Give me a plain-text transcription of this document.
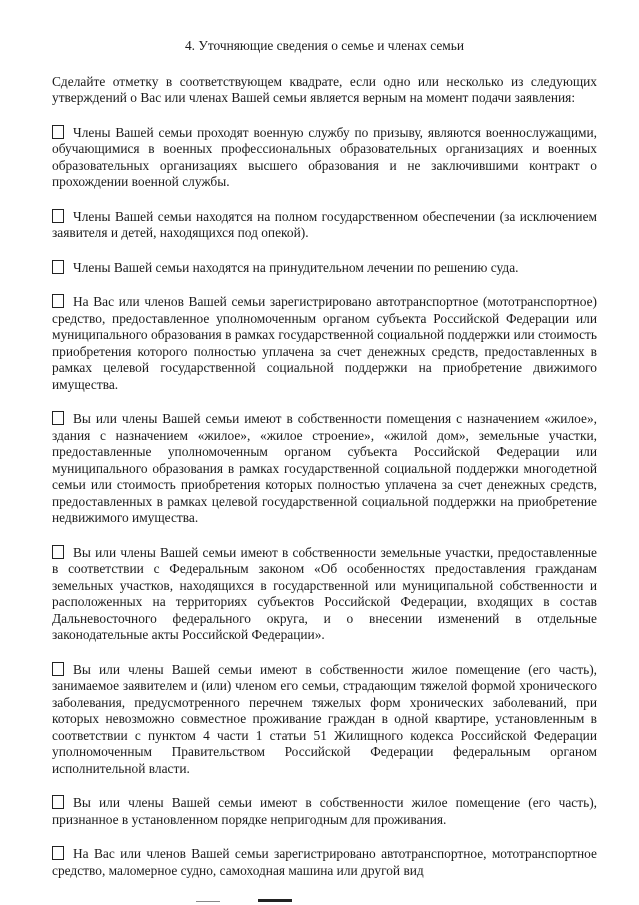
4. Уточняющие сведения о семье и членах семьи

Сделайте отметку в соответствующем квадрате, если одно или несколько из следующих утверждений о Вас или членах Вашей семьи является верным на момент подачи заявления:

Члены Вашей семьи проходят военную службу по призыву, являются военнослужащими, обучающимися в военных профессиональных образовательных организациях и военных образовательных организациях высшего образования и не заключившими контракт о прохождении военной службы.

Члены Вашей семьи находятся на полном государственном обеспечении (за исключением заявителя и детей, находящихся под опекой).

Члены Вашей семьи находятся на принудительном лечении по решению суда.

На Вас или членов Вашей семьи зарегистрировано автотранспортное (мототранспортное) средство, предоставленное уполномоченным органом субъекта Российской Федерации или муниципального образования в рамках государственной социальной поддержки или стоимость приобретения которого полностью уплачена за счет денежных средств, предоставленных в рамках целевой государственной социальной поддержки на приобретение движимого имущества.

Вы или члены Вашей семьи имеют в собственности помещения с назначением «жилое», здания с назначением «жилое», «жилое строение», «жилой дом», земельные участки, предоставленные уполномоченным органом субъекта Российской Федерации или муниципального образования в рамках государственной социальной поддержки многодетной семьи или стоимость приобретения которых полностью уплачена за счет денежных средств, предоставленных в рамках целевой государственной социальной поддержки на приобретение недвижимого имущества.

Вы или члены Вашей семьи имеют в собственности земельные участки, предоставленные в соответствии с Федеральным законом «Об особенностях предоставления гражданам земельных участков, находящихся в государственной или муниципальной собственности и расположенных на территориях субъектов Российской Федерации, входящих в состав Дальневосточного федерального округа, и о внесении изменений в отдельные законодательные акты Российской Федерации».

Вы или члены Вашей семьи имеют в собственности жилое помещение (его часть), занимаемое заявителем и (или) членом его семьи, страдающим тяжелой формой хронического заболевания, предусмотренного перечнем тяжелых форм хронических заболеваний, при которых невозможно совместное проживание граждан в одной квартире, установленным в соответствии с пунктом 4 части 1 статьи 51 Жилищного кодекса Российской Федерации уполномоченным Правительством Российской Федерации федеральным органом исполнительной власти.

Вы или члены Вашей семьи имеют в собственности жилое помещение (его часть), признанное в установленном порядке непригодным для проживания.

На Вас или членов Вашей семьи зарегистрировано автотранспортное, мототранспортное средство, маломерное судно, самоходная машина или другой вид
